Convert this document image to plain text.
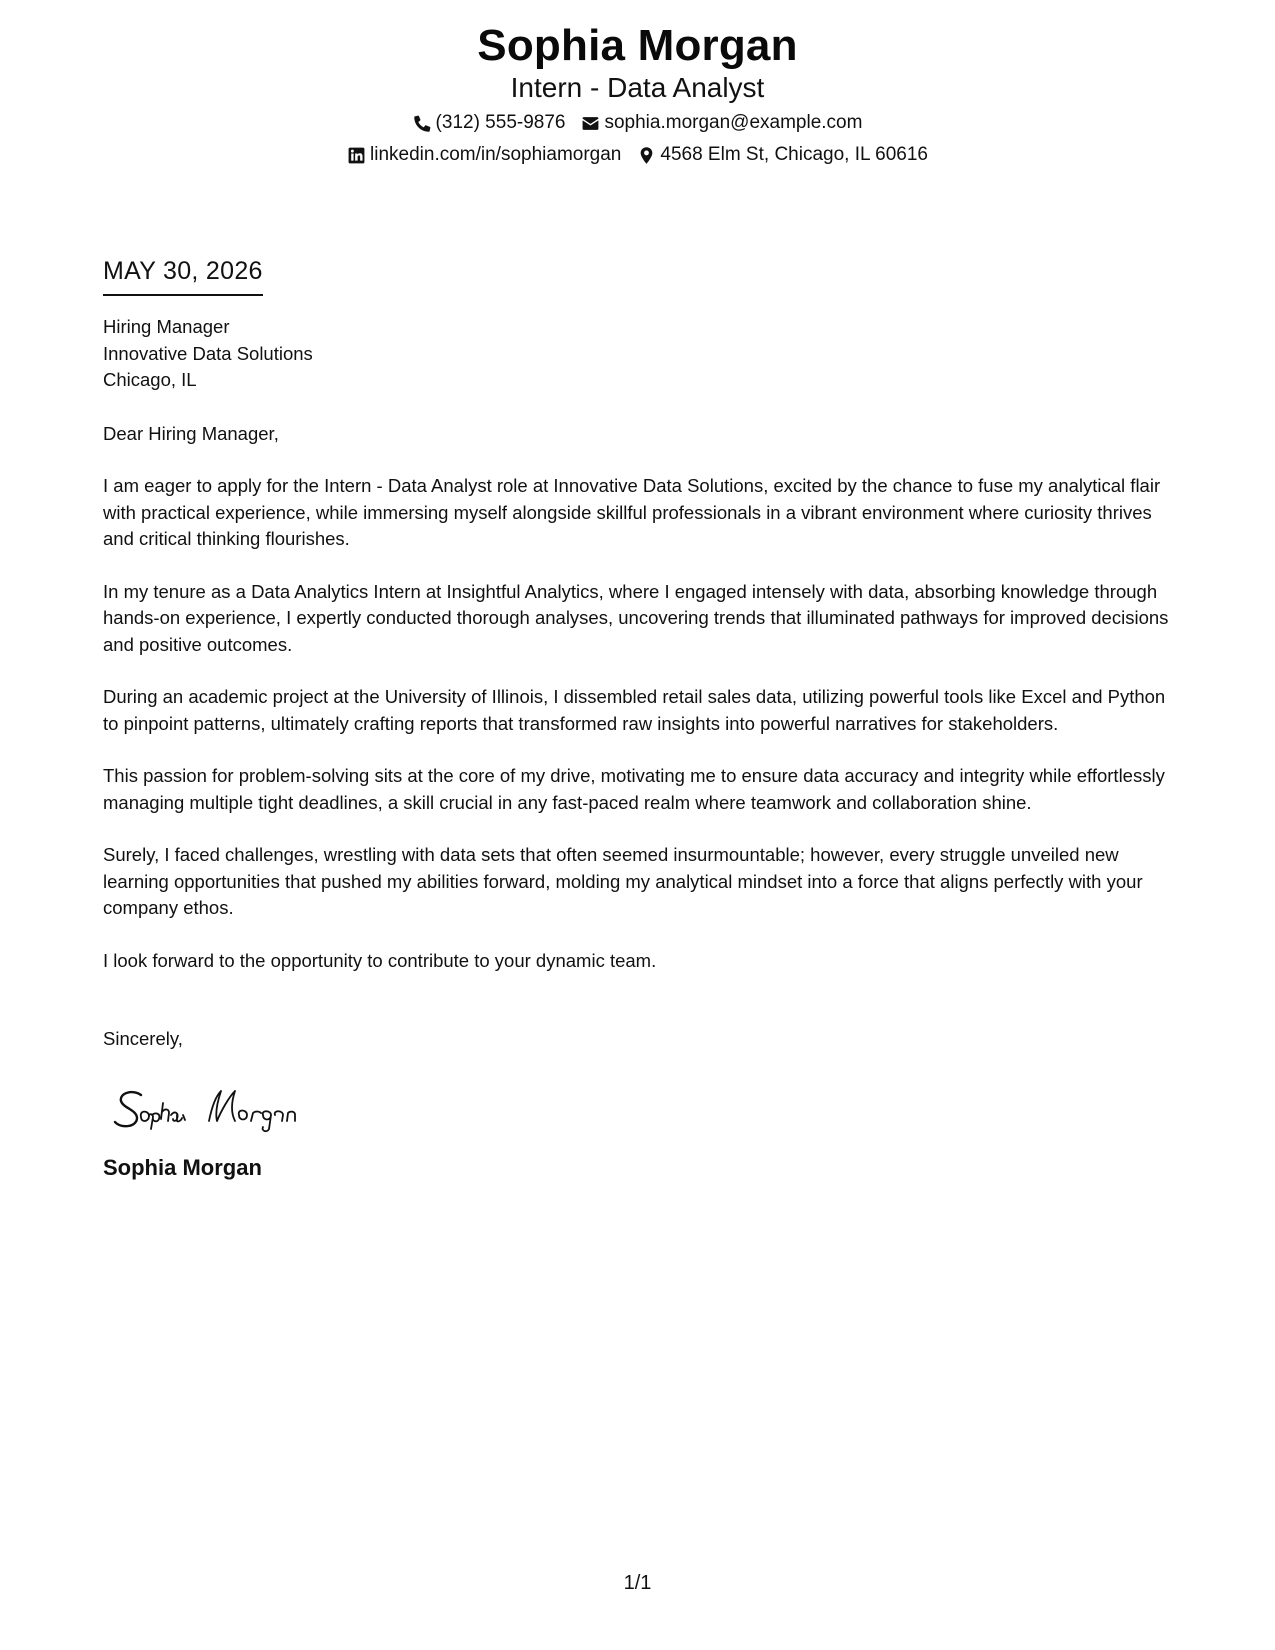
Sophia Morgan
Intern - Data Analyst
(312) 555-9876 sophia.morgan@example.com
linkedin.com/in/sophiamorgan 4568 Elm St, Chicago, IL 60616
MAY 30, 2026
Hiring Manager
Innovative Data Solutions
Chicago, IL
Dear Hiring Manager,
I am eager to apply for the Intern - Data Analyst role at Innovative Data Solutions, excited by the chance to fuse my analytical flair with practical experience, while immersing myself alongside skillful professionals in a vibrant environment where curiosity thrives and critical thinking flourishes.
In my tenure as a Data Analytics Intern at Insightful Analytics, where I engaged intensely with data, absorbing knowledge through hands-on experience, I expertly conducted thorough analyses, uncovering trends that illuminated pathways for improved decisions and positive outcomes.
During an academic project at the University of Illinois, I dissembled retail sales data, utilizing powerful tools like Excel and Python to pinpoint patterns, ultimately crafting reports that transformed raw insights into powerful narratives for stakeholders.
This passion for problem-solving sits at the core of my drive, motivating me to ensure data accuracy and integrity while effortlessly managing multiple tight deadlines, a skill crucial in any fast-paced realm where teamwork and collaboration shine.
Surely, I faced challenges, wrestling with data sets that often seemed insurmountable; however, every struggle unveiled new learning opportunities that pushed my abilities forward, molding my analytical mindset into a force that aligns perfectly with your company ethos.
I look forward to the opportunity to contribute to your dynamic team.
Sincerely,
Sophia Morgan
1/1
